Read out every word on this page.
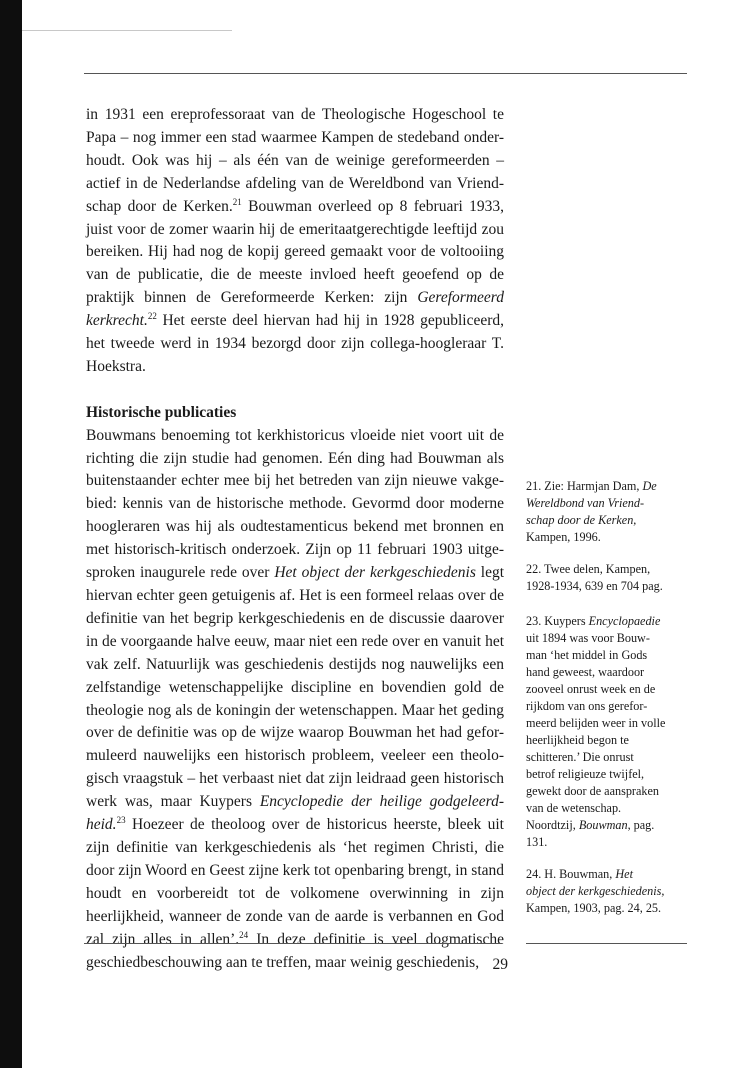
in 1931 een ereprofessoraat van de Theologische Hogeschool te Papa – nog immer een stad waarmee Kampen de stedeband onder- houdt. Ook was hij – als één van de weinige gereformeerden – actief in de Nederlandse afdeling van de Wereldbond van Vriend- schap door de Kerken.$^{21}$ Bouwman overleed op 8 februari 1933, juist voor de zomer waarin hij de emeritaatgerechtigde leeftijd zou bereiken. Hij had nog de kopij gereed gemaakt voor de voltooiing van de publicatie, die de meeste invloed heeft geoefend op de praktijk binnen de Gereformeerde Kerken: zijn Gereformeerd kerkrecht.$^{22}$ Het eerste deel hiervan had hij in 1928 gepubliceerd, het tweede werd in 1934 bezorgd door zijn collega-hoogleraar T. Hoekstra.

Historische publicaties

Bouwmans benoeming tot kerkhistoricus vloeide niet voort uit de richting die zijn studie had genomen. Eén ding had Bouwman als buitenstaander echter mee bij het betreden van zijn nieuwe vakge- bied: kennis van de historische methode. Gevormd door moderne hoogleraren was hij als oudtestamenticus bekend met bronnen en met historisch-kritisch onderzoek. Zijn op 11 februari 1903 uitge- sproken inaugurele rede over Het object der kerkgeschiedenis legt hiervan echter geen getuigenis af. Het is een formeel relaas over de definitie van het begrip kerkgeschiedenis en de discussie daarover in de voorgaande halve eeuw, maar niet een rede over en vanuit het vak zelf. Natuurlijk was geschiedenis destijds nog nauwelijks een zelfstandige wetenschappelijke discipline en bovendien gold de theologie nog als de koningin der wetenschappen. Maar het geding over de definitie was op de wijze waarop Bouwman het had gefor- muleerd nauwelijks een historisch probleem, veeleer een theolo- gisch vraagstuk – het verbaast niet dat zijn leidraad geen historisch werk was, maar Kuypers Encyclopedie der heilige godgeleerd- heid.$^{23}$ Hoezeer de theoloog over de historicus heerste, bleek uit zijn definitie van kerkgeschiedenis als ‘het regimen Christi, die door zijn Woord en Geest zijne kerk tot openbaring brengt, in stand houdt en voorbereidt tot de volkomene overwinning in zijn heerlijkheid, wanneer de zonde van de aarde is verbannen en God zal zijn alles in allen’.$^{24}$ In deze definitie is veel dogmatische geschiedbeschouwing aan te treffen, maar weinig geschiedenis,

21. Zie: Harmjan Dam, De
Wereldbond van Vriend-
schap door de Kerken,
Kampen, 1996.

22. Twee delen, Kampen,
1928-1934, 639 en 704 pag.

23. Kuypers Encyclopaedie
uit 1894 was voor Bouw-
man ‘het middel in Gods
hand geweest, waardoor
zooveel onrust week en de
rijkdom van ons gerefor-
meerd belijden weer in volle
heerlijkheid begon te
schitteren.’ Die onrust
betrof religieuze twijfel,
gewekt door de aanspraken
van de wetenschap.
Noordtzij, Bouwman, pag.
131.

24. H. Bouwman, Het
object der kerkgeschiedenis,
Kampen, 1903, pag. 24, 25.

29
